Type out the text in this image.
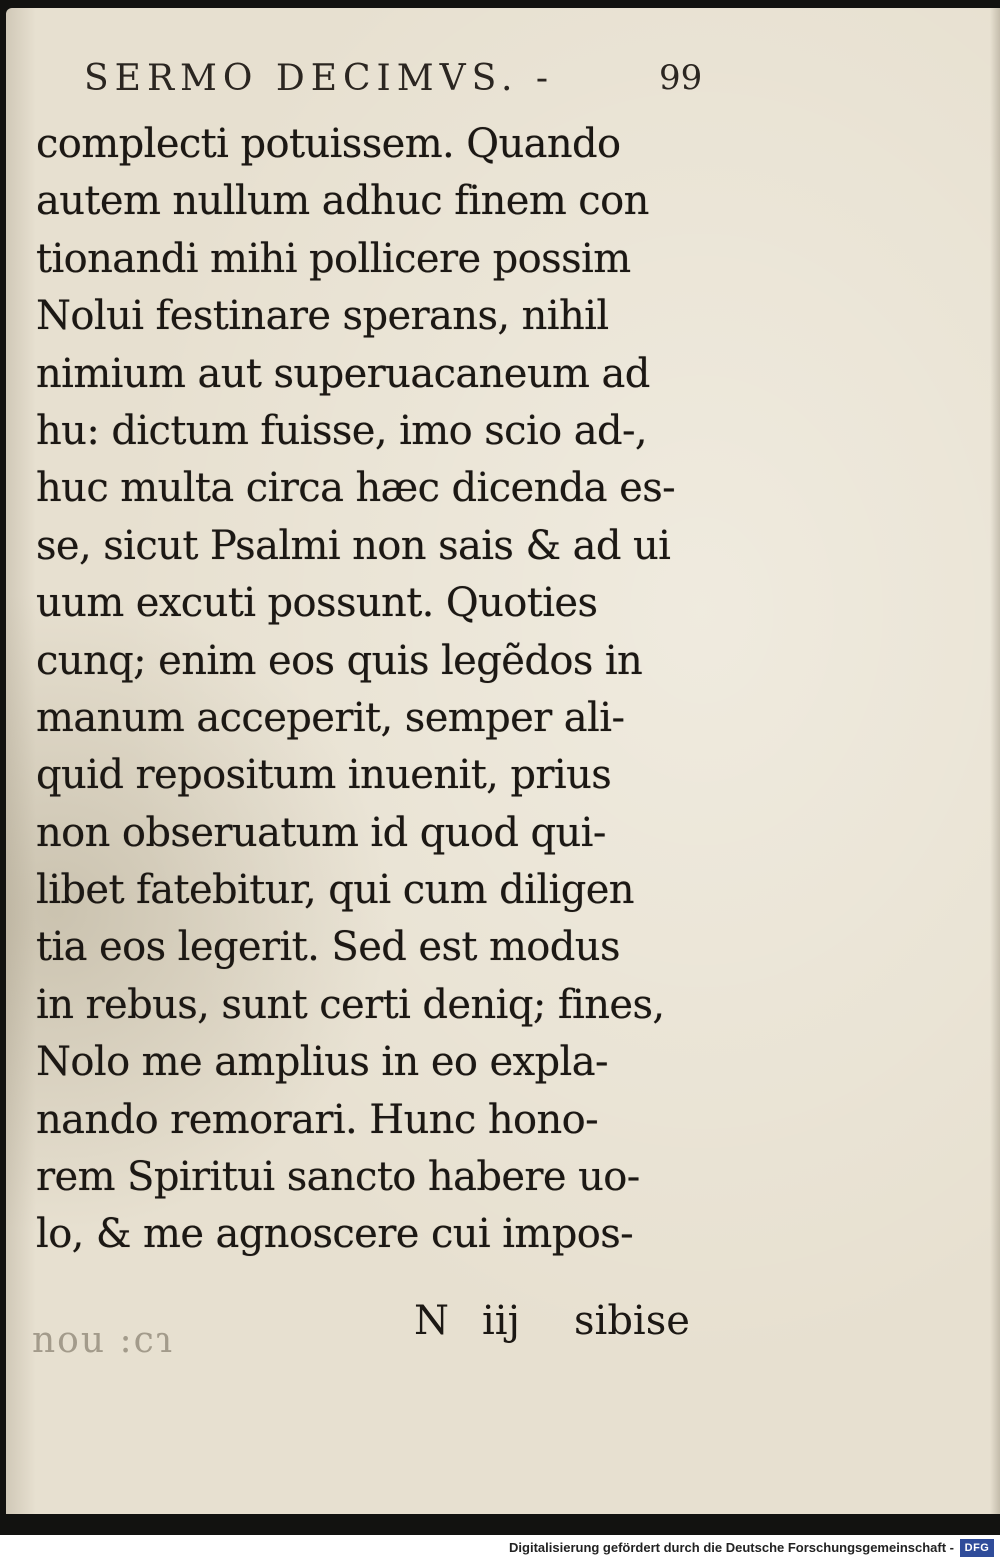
SERMO DECIMVS. -	99
complecti potuissem. Quando
autem nullum adhuc finem con
tionandi mihi pollicere possim
Nolui festinare sperans, nihil
nimium aut superuacaneum ad
hu: dictum fuisse, imo scio ad-,
huc multa circa hæc dicenda es-
se, sicut Psalmi non sais & ad ui
uum excuti possunt. Quoties
cunq; enim eos quis legẽdos in
manum acceperit, semper ali-
quid repositum inuenit, prius
non obseruatum id quod qui-
libet fatebitur, qui cum diligen
tia eos legerit. Sed est modus
in rebus, sunt certi deniq; fines,
Nolo me amplius in eo expla-
nando remorari. Hunc hono-
rem Spiritui sancto habere uo-
lo, & me agnoscere cui impos-
N iij sibise
nou :cɿ
Digitalisierung gefördert durch die Deutsche Forschungsgemeinschaft - DFG
